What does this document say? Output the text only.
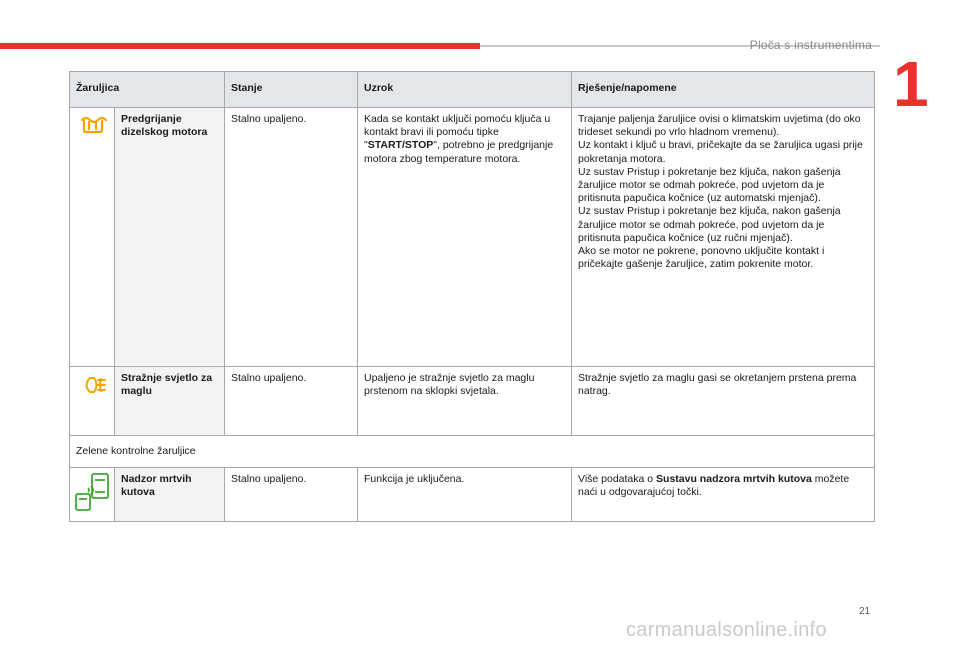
Ploča s instrumentima
1
Žaruljica		Stanje	Uzrok	Rješenje/napomene

	Predgrijanje dizelskog motora	Stalno upaljeno.	Kada se kontakt uključi pomoću ključa u kontakt bravi ili pomoću tipke "START/STOP", potrebno je predgrijanje motora zbog temperature motora.	Trajanje paljenja žaruljice ovisi o klimatskim uvjetima (do oko trideset sekundi po vrlo hladnom vremenu).
Uz kontakt i ključ u bravi, pričekajte da se žaruljica ugasi prije pokretanja motora.
Uz sustav Pristup i pokretanje bez ključa, nakon gašenja žaruljice motor se odmah pokreće, pod uvjetom da je pritisnuta papučica kočnice (uz automatski mjenjač).
Uz sustav Pristup i pokretanje bez ključa, nakon gašenja žaruljice motor se odmah pokreće, pod uvjetom da je pritisnuta papučica kočnice (uz ručni mjenjač).
Ako se motor ne pokrene, ponovno uključite kontakt i pričekajte gašenje žaruljice, zatim pokrenite motor.

	Stražnje svjetlo za maglu	Stalno upaljeno.	Upaljeno je stražnje svjetlo za maglu prstenom na sklopki svjetala.	Stražnje svjetlo za maglu gasi se okretanjem prstena prema natrag.
Zelene kontrolne žaruljice				

	Nadzor mrtvih kutova	Stalno upaljeno.	Funkcija je uključena.	Više podataka o Sustavu nadzora mrtvih kutova možete naći u odgovarajućoj točki.
21
carmanualsonline.info
